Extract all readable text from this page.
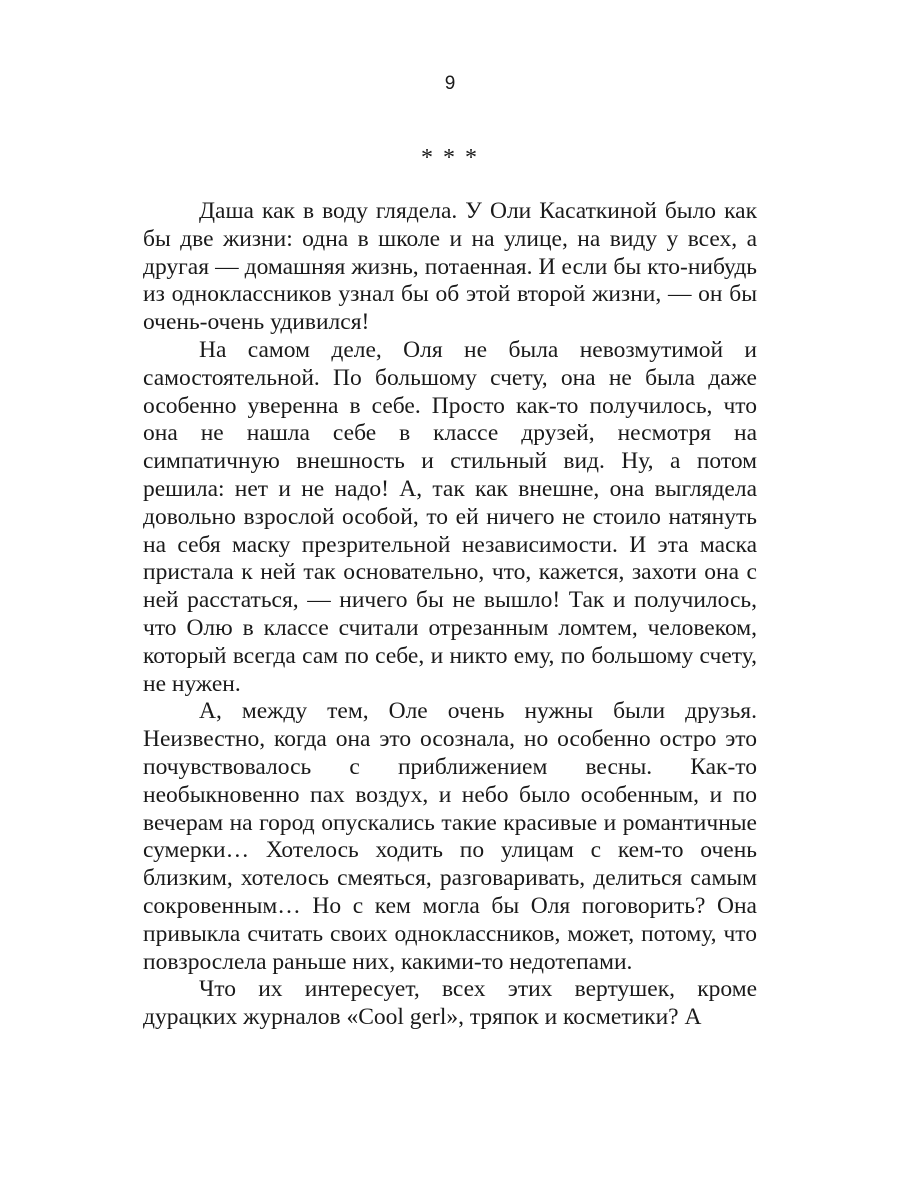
9
* * *

Даша как в воду глядела. У Оли Касаткиной было как бы две жизни: одна в школе и на улице, на виду у всех, а другая — домашняя жизнь, потаенная. И если бы кто-нибудь из одноклассников узнал бы об этой второй жизни, — он бы очень-очень удивился!

На самом деле, Оля не была невозмутимой и самостоятельной. По большому счету, она не была даже особенно уверенна в себе. Просто как-то получилось, что она не нашла себе в классе друзей, несмотря на симпатичную внешность и стильный вид. Ну, а потом решила: нет и не надо! А, так как внешне, она выглядела довольно взрослой особой, то ей ничего не стоило натянуть на себя маску презрительной независимости. И эта маска пристала к ней так основательно, что, кажется, захоти она с ней расстаться, — ничего бы не вышло! Так и получилось, что Олю в классе считали отрезанным ломтем, человеком, который всегда сам по себе, и никто ему, по большому счету, не нужен.

А, между тем, Оле очень нужны были друзья. Неизвестно, когда она это осознала, но особенно остро это почувствовалось с приближением весны. Как-то необыкновенно пах воздух, и небо было особенным, и по вечерам на город опускались такие красивые и романтичные сумерки… Хотелось ходить по улицам с кем-то очень близким, хотелось смеяться, разговаривать, делиться самым сокровенным… Но с кем могла бы Оля поговорить? Она привыкла считать своих одноклассников, может, потому, что повзрослела раньше них, какими-то недотепами.

Что их интересует, всех этих вертушек, кроме дурацких журналов «Cool gerl», тряпок и косметики? А
